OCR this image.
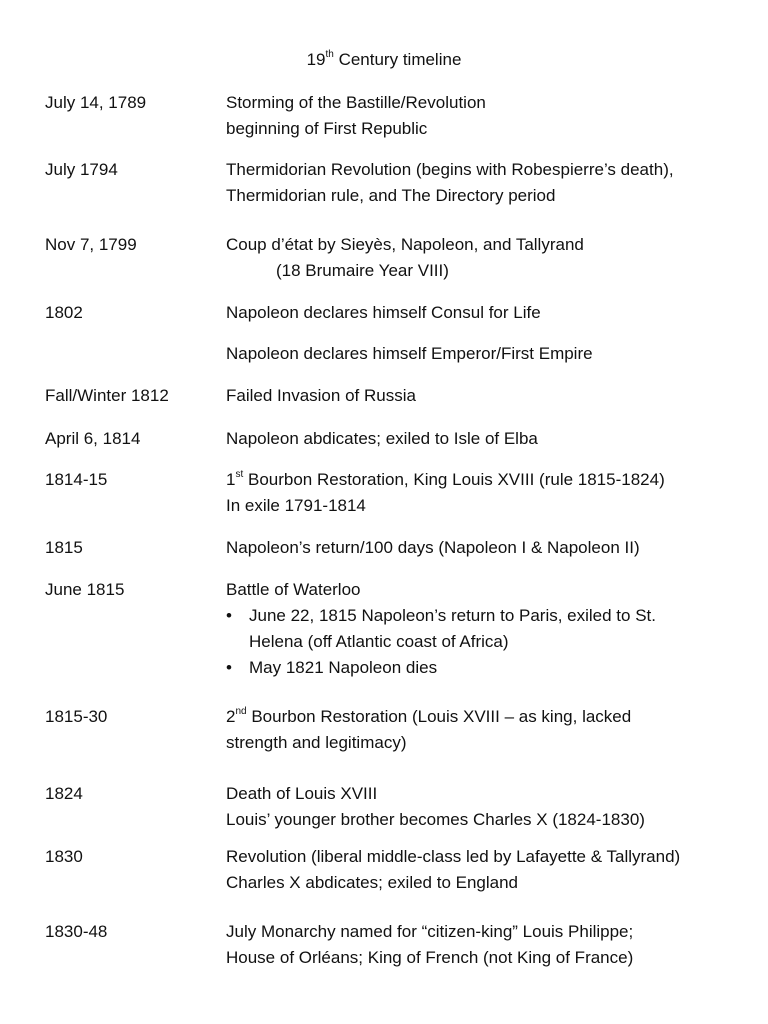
19th Century timeline
July 14, 1789	Storming of the Bastille/Revolution
beginning of First Republic
July 1794	Thermidorian Revolution (begins with Robespierre’s death),
Thermidorian rule, and The Directory period
Nov 7, 1799	Coup d’état by Sieyès, Napoleon, and Tallyrand
(18 Brumaire Year VIII)
1802	Napoleon declares himself Consul for Life
Napoleon declares himself Emperor/First Empire
Fall/Winter 1812	Failed Invasion of Russia
April 6, 1814	Napoleon abdicates; exiled to Isle of Elba
1814-15	1st Bourbon Restoration, King Louis XVIII (rule 1815-1824)
In exile 1791-1814
1815	Napoleon’s return/100 days (Napoleon I & Napoleon II)
June 1815	Battle of Waterloo
• June 22, 1815 Napoleon’s return to Paris, exiled to St.
Helena (off Atlantic coast of Africa)
• May 1821 Napoleon dies
1815-30	2nd Bourbon Restoration (Louis XVIII – as king, lacked
strength and legitimacy)
1824	Death of Louis XVIII
Louis’ younger brother becomes Charles X (1824-1830)
1830	Revolution (liberal middle-class led by Lafayette & Tallyrand)
Charles X abdicates; exiled to England
1830-48	July Monarchy named for “citizen-king” Louis Philippe;
House of Orléans; King of French (not King of France)
